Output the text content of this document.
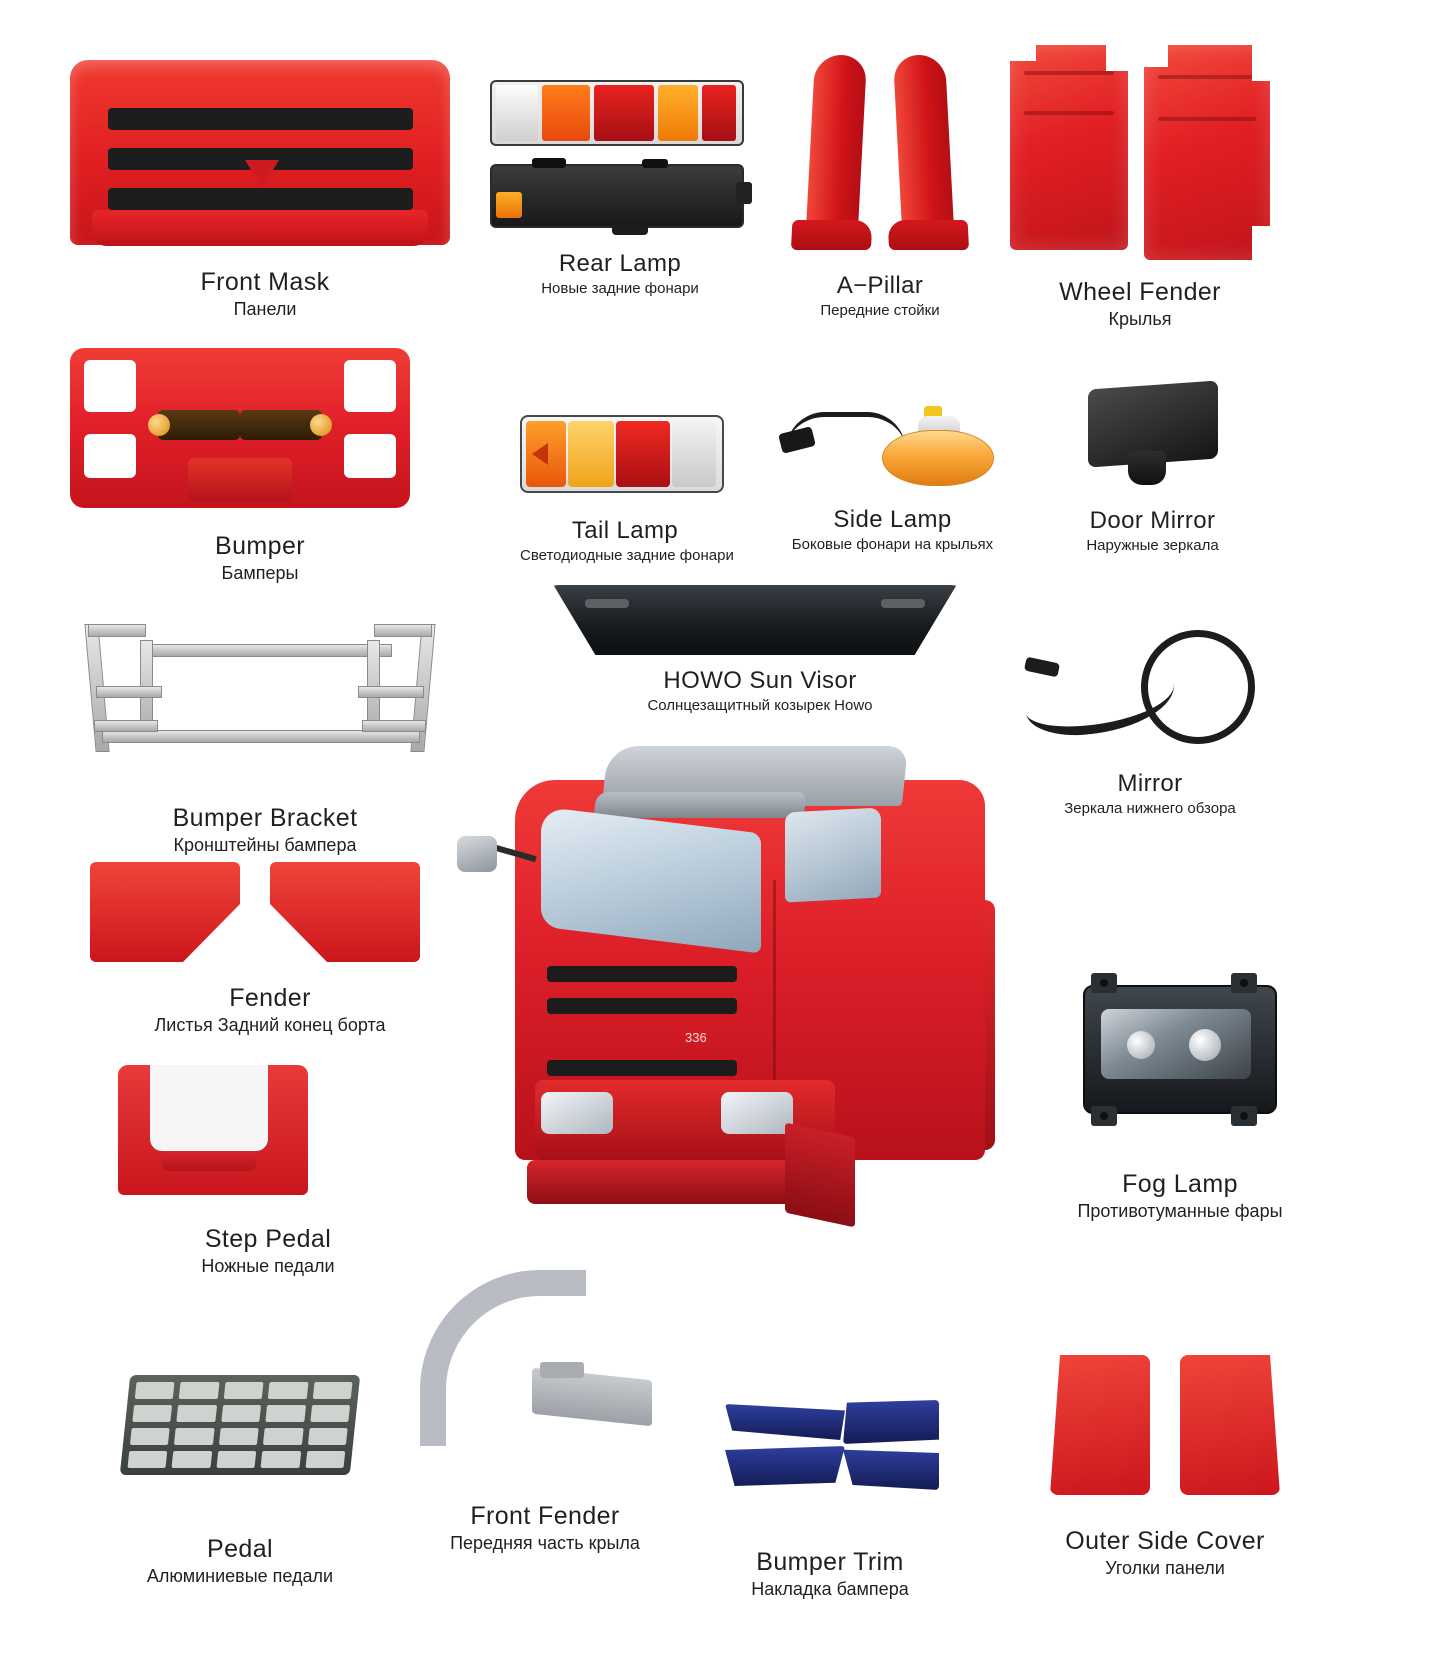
Front Mask
Панели
Rear Lamp
Новые задние фонари	A−Pillar
Передние стойки
Wheel Fender
Крылья
Bumper
Бамперы
Tail Lamp
Светодиодные задние фонари
Side Lamp
Боковые фонари на крыльях
Door Mirror
Наружные зеркала
Bumper Bracket
Кронштейны бампера
HOWO Sun Visor
Солнцезащитный козырек Howo
Mirror
Зеркала нижнего обзора
Fender
Листья Задний конец борта
Step Pedal
Ножные педали
Fog Lamp
Противотуманные фары
Pedal
Алюминиевые педали
Front Fender
Передняя часть крыла
Bumper Trim
Накладка бампера
Outer Side Cover
Уголки панели
336
